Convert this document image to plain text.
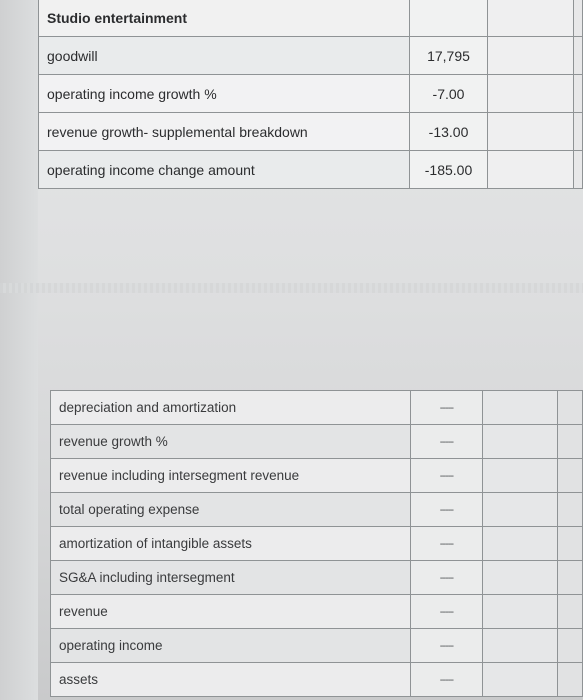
Studio entertainment			
goodwill	17,795		
operating income growth %	-7.00		
revenue growth- supplemental breakdown	-13.00		
operating income change amount	-185.00		
depreciation and amortization	-----		
revenue growth %	-----		
revenue including intersegment revenue	-----		
total operating expense	-----		
amortization of intangible assets	-----		
SG&A including intersegment	-----		
revenue	-----		
operating income	-----		
assets	-----		
